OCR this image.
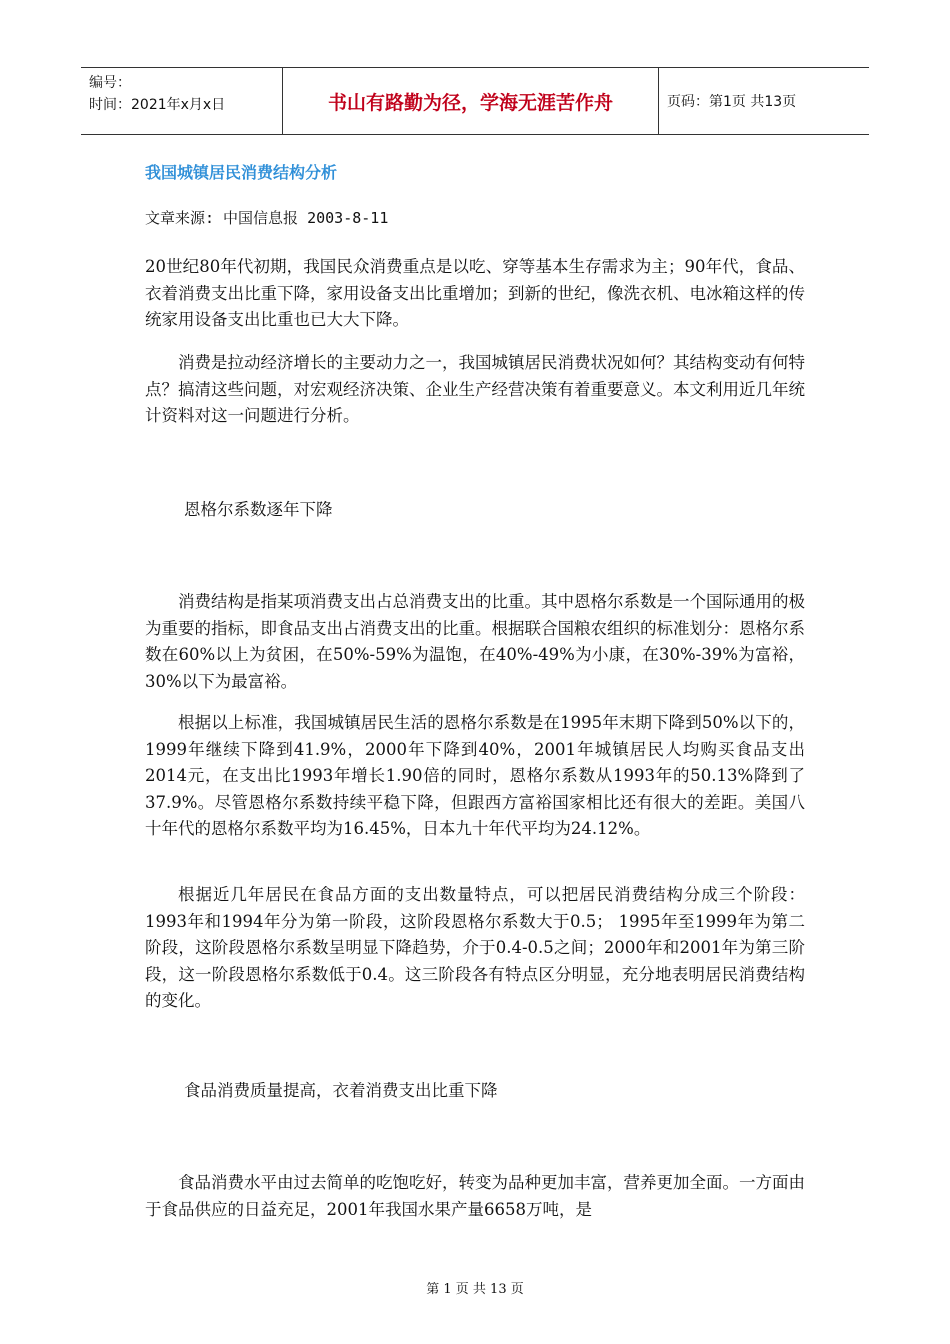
编号：
时间：2021年x月x日	书山有路勤为径，学海无涯苦作舟	页码：第1页 共13页
我国城镇居民消费结构分析
文章来源: 中国信息报 2003-8-11

20世纪80年代初期，我国民众消费重点是以吃、穿等基本生存需求为主；90年代，食品、衣着消费支出比重下降，家用设备支出比重增加；到新的世纪，像洗衣机、电冰箱这样的传统家用设备支出比重也已大大下降。

消费是拉动经济增长的主要动力之一，我国城镇居民消费状况如何？其结构变动有何特点？搞清这些问题，对宏观经济决策、企业生产经营决策有着重要意义。本文利用近几年统计资料对这一问题进行分析。

恩格尔系数逐年下降

消费结构是指某项消费支出占总消费支出的比重。其中恩格尔系数是一个国际通用的极为重要的指标，即食品支出占消费支出的比重。根据联合国粮农组织的标准划分：恩格尔系数在60%以上为贫困，在50%-59%为温饱，在40%-49%为小康，在30%-39%为富裕，30%以下为最富裕。

根据以上标准，我国城镇居民生活的恩格尔系数是在1995年末期下降到50%以下的，1999年继续下降到41.9%，2000年下降到40%，2001年城镇居民人均购买食品支出2014元，在支出比1993年增长1.90倍的同时，恩格尔系数从1993年的50.13%降到了37.9%。尽管恩格尔系数持续平稳下降，但跟西方富裕国家相比还有很大的差距。美国八十年代的恩格尔系数平均为16.45%，日本九十年代平均为24.12%。

根据近几年居民在食品方面的支出数量特点，可以把居民消费结构分成三个阶段：1993年和1994年分为第一阶段，这阶段恩格尔系数大于0.5； 1995年至1999年为第二阶段，这阶段恩格尔系数呈明显下降趋势，介于0.4-0.5之间；2000年和2001年为第三阶段，这一阶段恩格尔系数低于0.4。这三阶段各有特点区分明显，充分地表明居民消费结构的变化。

食品消费质量提高，衣着消费支出比重下降

食品消费水平由过去简单的吃饱吃好，转变为品种更加丰富，营养更加全面。一方面由于食品供应的日益充足，2001年我国水果产量6658万吨，是

第 1 页 共 13 页
